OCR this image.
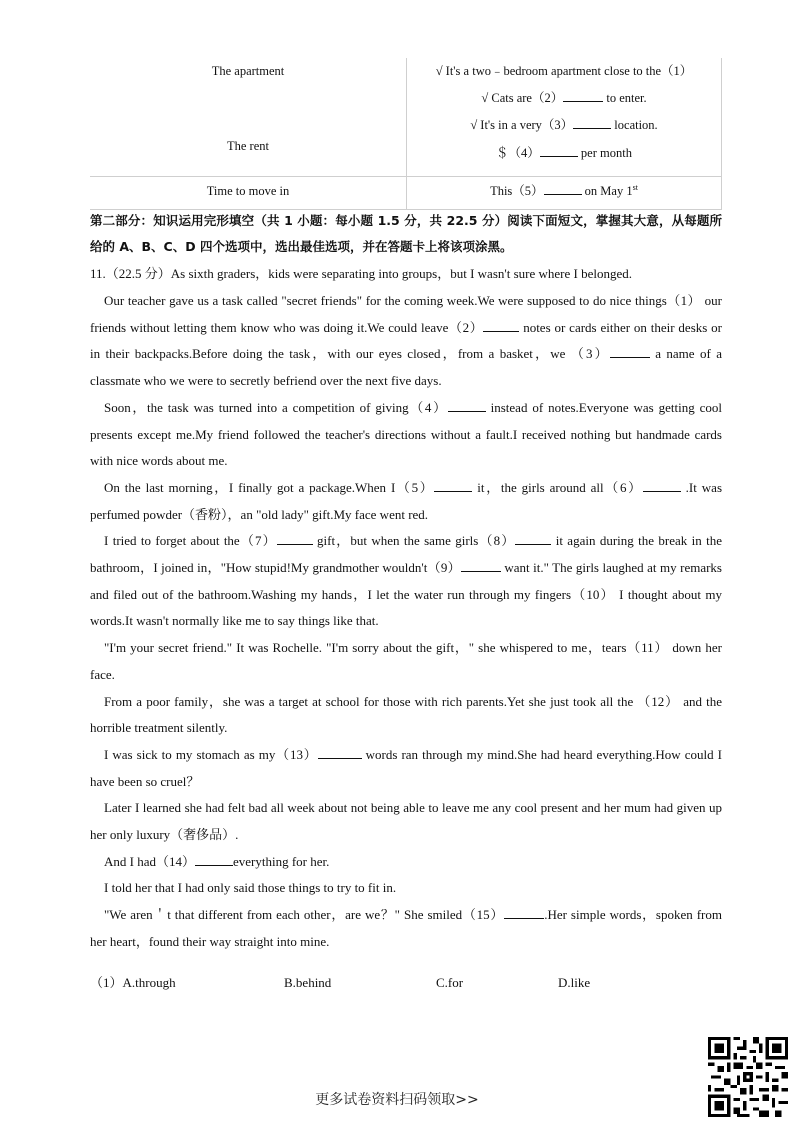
The apartment	√ It's a two﹣bedroom apartment close to the（1）
√ Cats are（2） to enter.
√ It's in a very（3） location.

The rent	＄（4） per month

Time to move in	This（5） on May 1st
第二部分：知识运用完形填空（共 1 小题：每小题 1.5 分，共 22.5 分）阅读下面短文，掌握其大意，从每题所给的 A、B、C、D 四个选项中，选出最佳选项，并在答题卡上将该项涂黑。
11.（22.5 分）As sixth graders，kids were separating into groups，but I wasn't sure where I belonged.

Our teacher gave us a task called "secret friends" for the coming week.We were supposed to do nice things（1） our friends without letting them know who was doing it.We could leave（2）	notes or cards either on their desks or in their backpacks.Before doing the task，with our eyes closed，from a basket，we （3）	a name of a classmate who we were to secretly befriend over the next five days.

Soon，the task was turned into a competition of giving（4）	instead of notes.Everyone was getting cool presents except me.My friend followed the teacher's directions without a fault.I received nothing but handmade cards with nice words about me.

On the last morning，I finally got a package.When I（5）	it，the girls around all（6）	.It was perfumed powder（香粉），an "old lady" gift.My face went red.

I tried to forget about the（7）	gift，but when the same girls（8）	it again during the break in the bathroom，I joined in，"How stupid!My grandmother wouldn't（9）	want it." The girls laughed at my remarks and filed out of the bathroom.Washing my hands，I let the water run through my fingers（10） I thought about my words.It wasn't normally like me to say things like that.

"I'm your secret friend." It was Rochelle. "I'm sorry about the gift，" she whispered to me，tears（11） down her face.

From a poor family，she was a target at school for those with rich parents.Yet she just took all the （12） and the horrible treatment silently.

I was sick to my stomach as my（13）	words ran through my mind.She had heard everything.How could I have been so cruel？

Later I learned she had felt bad all week about not being able to leave me any cool present and her mum had given up her only luxury（奢侈品）.

And I had（14）	everything for her.

I told her that I had only said those things to try to fit in.

"We aren＇t that different from each other，are we？" She smiled（15）	.Her simple words，spoken from her heart，found their way straight into mine.

（1）A.through	B.behind	C.for	D.like
更多试卷资料扫码领取>>
